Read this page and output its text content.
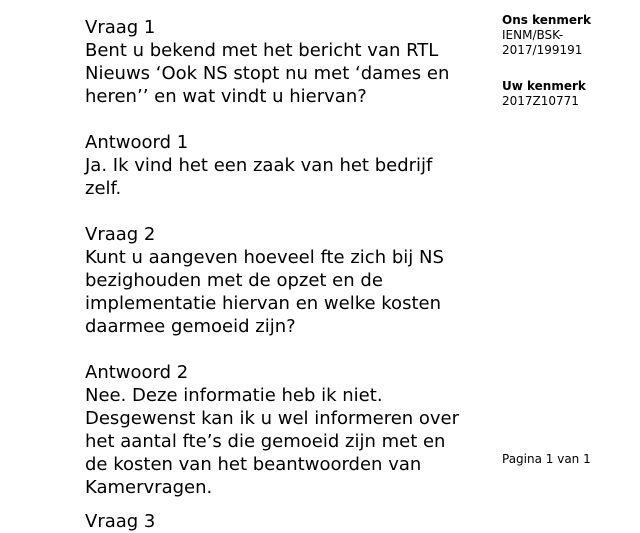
Vraag 1

Bent u bekend met het bericht van RTL

Nieuws ‘Ook NS stopt nu met ‘dames en

heren’’ en wat vindt u hiervan?

Antwoord 1

Ja. Ik vind het een zaak van het bedrijf

zelf.

Vraag 2

Kunt u aangeven hoeveel fte zich bij NS

bezighouden met de opzet en de

implementatie hiervan en welke kosten

daarmee gemoeid zijn?

Antwoord 2

Nee. Deze informatie heb ik niet.

Desgewenst kan ik u wel informeren over

het aantal fte’s die gemoeid zijn met en

de kosten van het beantwoorden van

Kamervragen.

Vraag 3
Ons kenmerk
IENM/BSK-
2017/199191
Uw kenmerk
2017Z10771
Pagina 1 van 1
